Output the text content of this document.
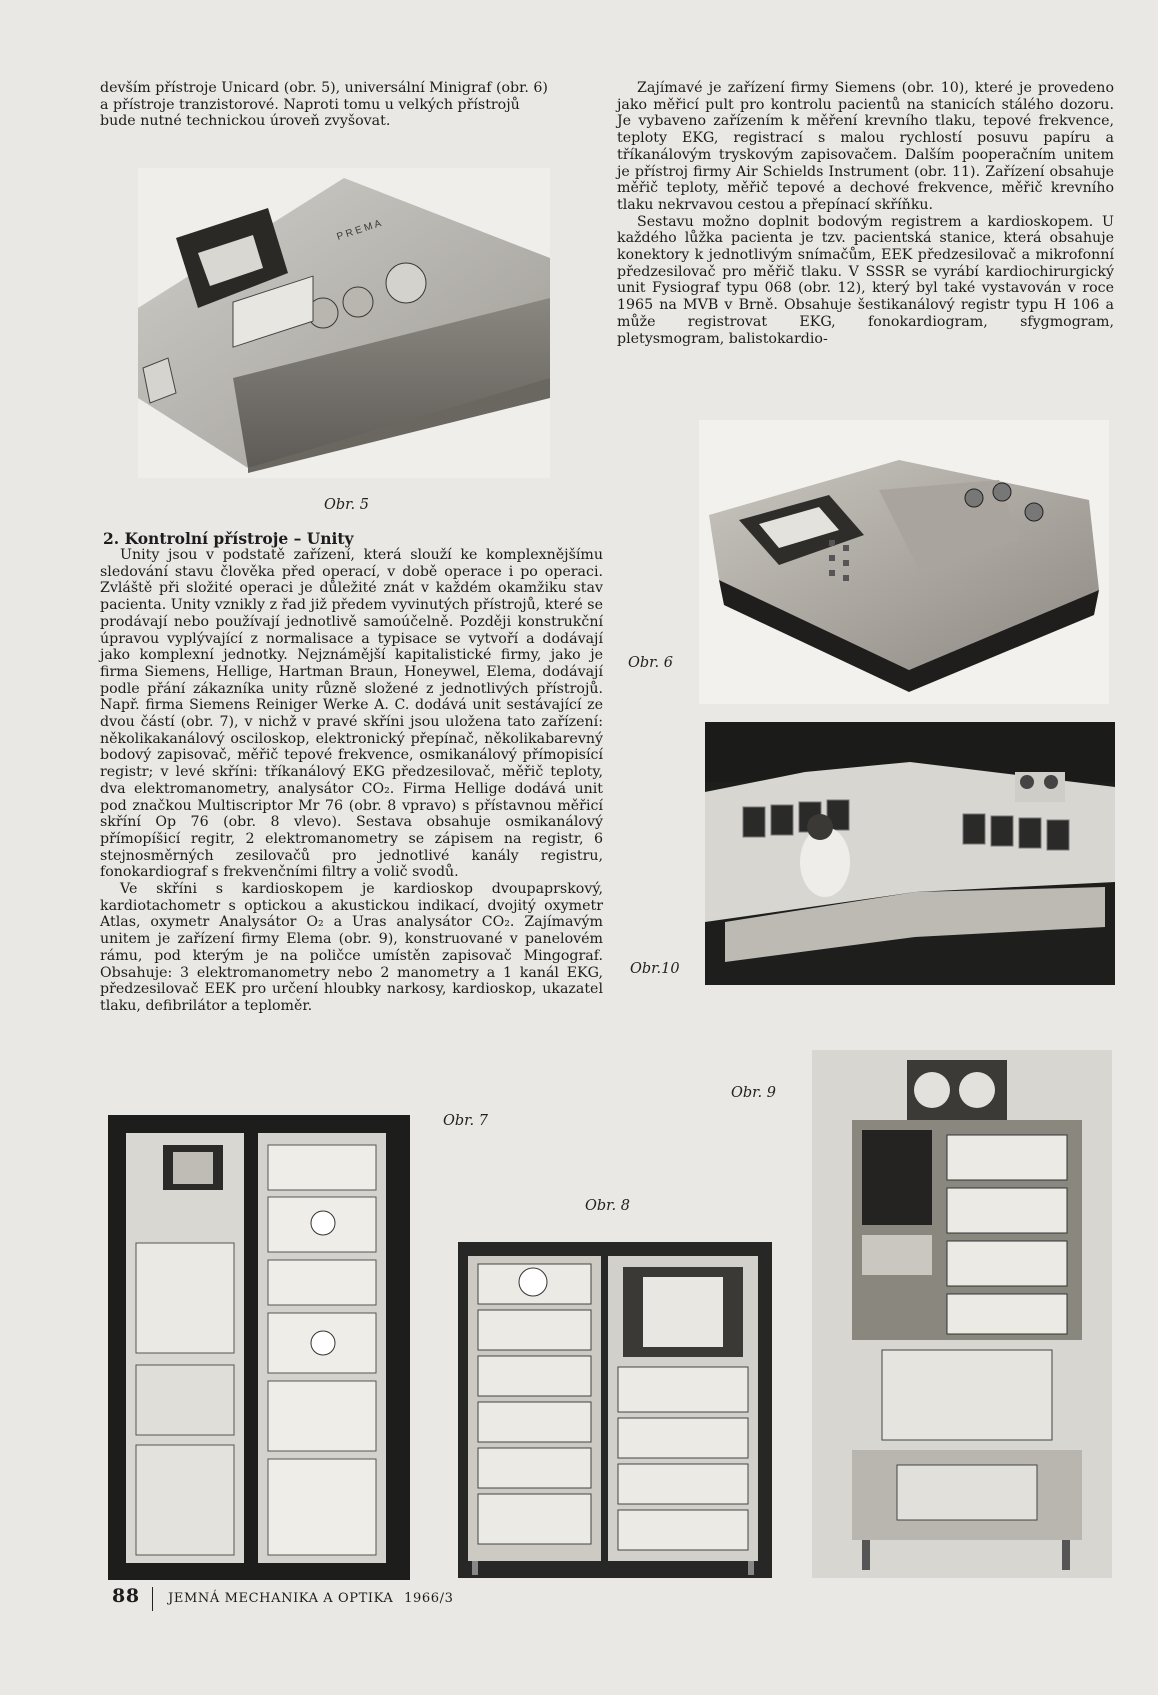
devším přístroje Unicard (obr. 5), universální Minigraf (obr. 6)

a přístroje tranzistorové. Naproti tomu u velkých přístrojů

bude nutné technickou úroveň zvyšovat.

Zajímavé je zařízení firmy Siemens (obr. 10), které je provedeno jako měřicí pult pro kontrolu pacientů na stanicích stálého dozoru. Je vybaveno zařízením k měření krevního tlaku, tepové frekvence, teploty EKG, registrací s malou rychlostí posuvu papíru a tříkanálovým tryskovým zapisovačem. Dalším pooperačním unitem je přístroj firmy Air Schields Instrument (obr. 11). Zařízení obsahuje měřič teploty, měřič tepové a dechové frekvence, měřič krevního tlaku nekrvavou cestou a přepínací skříňku.

Sestavu možno doplnit bodovým registrem a kardioskopem. U každého lůžka pacienta je tzv. pacientská stanice, která obsahuje konektory k jednotlivým snímačům, EEK předzesilovač a mikrofonní předzesilovač pro měřič tlaku. V SSSR se vyrábí kardiochirurgický unit Fysiograf typu 068 (obr. 12), který byl také vystavován v roce 1965 na MVB v Brně. Obsahuje šestikanálový registr typu H 106 a může registrovat EKG, fonokardiogram, sfygmogram, pletysmogram, balistokardio-

P R E M A
Obr. 5
2. Kontrolní přístroje – Unity

Unity jsou v podstatě zařízení, která slouží ke komplexnějšímu sledování stavu člověka před operací, v době operace i po operaci. Zvláště při složité operaci je důležité znát v každém okamžiku stav pacienta. Unity vznikly z řad již předem vyvinutých přístrojů, které se prodávají nebo používají jednotlivě samoúčelně. Později konstrukční úpravou vyplývající z normalisace a typisace se vytvoří a dodávají jako komplexní jednotky. Nejznámější kapitalistické firmy, jako je firma Siemens, Hellige, Hartman Braun, Honeywel, Elema, dodávají podle přání zákazníka unity různě složené z jednotlivých přístrojů. Např. firma Siemens Reiniger Werke A. C. dodává unit sestávající ze dvou částí (obr. 7), v nichž v pravé skříni jsou uložena tato zařízení: několikakanálový osciloskop, elektronický přepínač, několikabarevný bodový zapisovač, měřič tepové frekvence, osmikanálový přímopisící registr; v levé skříni: tříkanálový EKG předzesilovač, měřič teploty, dva elektromanometry, analysátor CO₂. Firma Hellige dodává unit pod značkou Multiscriptor Mr 76 (obr. 8 vpravo) s přístavnou měřicí skříní Op 76 (obr. 8 vlevo). Sestava obsahuje osmikanálový přímopíšicí regitr, 2 elektromanometry se zápisem na registr, 6 stejnosměrných zesilovačů pro jednotlivé kanály registru, fonokardiograf s frekvenčními filtry a volič svodů.

Ve skříni s kardioskopem je kardioskop dvoupaprskový, kardiotachometr s optickou a akustickou indikací, dvojitý oxymetr Atlas, oxymetr Analysátor O₂ a Uras analysátor CO₂. Zajímavým unitem je zařízení firmy Elema (obr. 9), konstruované v panelovém rámu, pod kterým je na poličce umístěn zapisovač Mingograf. Obsahuje: 3 elektromanometry nebo 2 manometry a 1 kanál EKG, předzesilovač EEK pro určení hloubky narkosy, kardioskop, ukazatel tlaku, defibrilátor a teploměr.

Obr. 6
Obr.10
Obr. 9
Obr. 7
Obr. 8
88 JEMNÁ MECHANIKA A OPTIKA 1966/3
